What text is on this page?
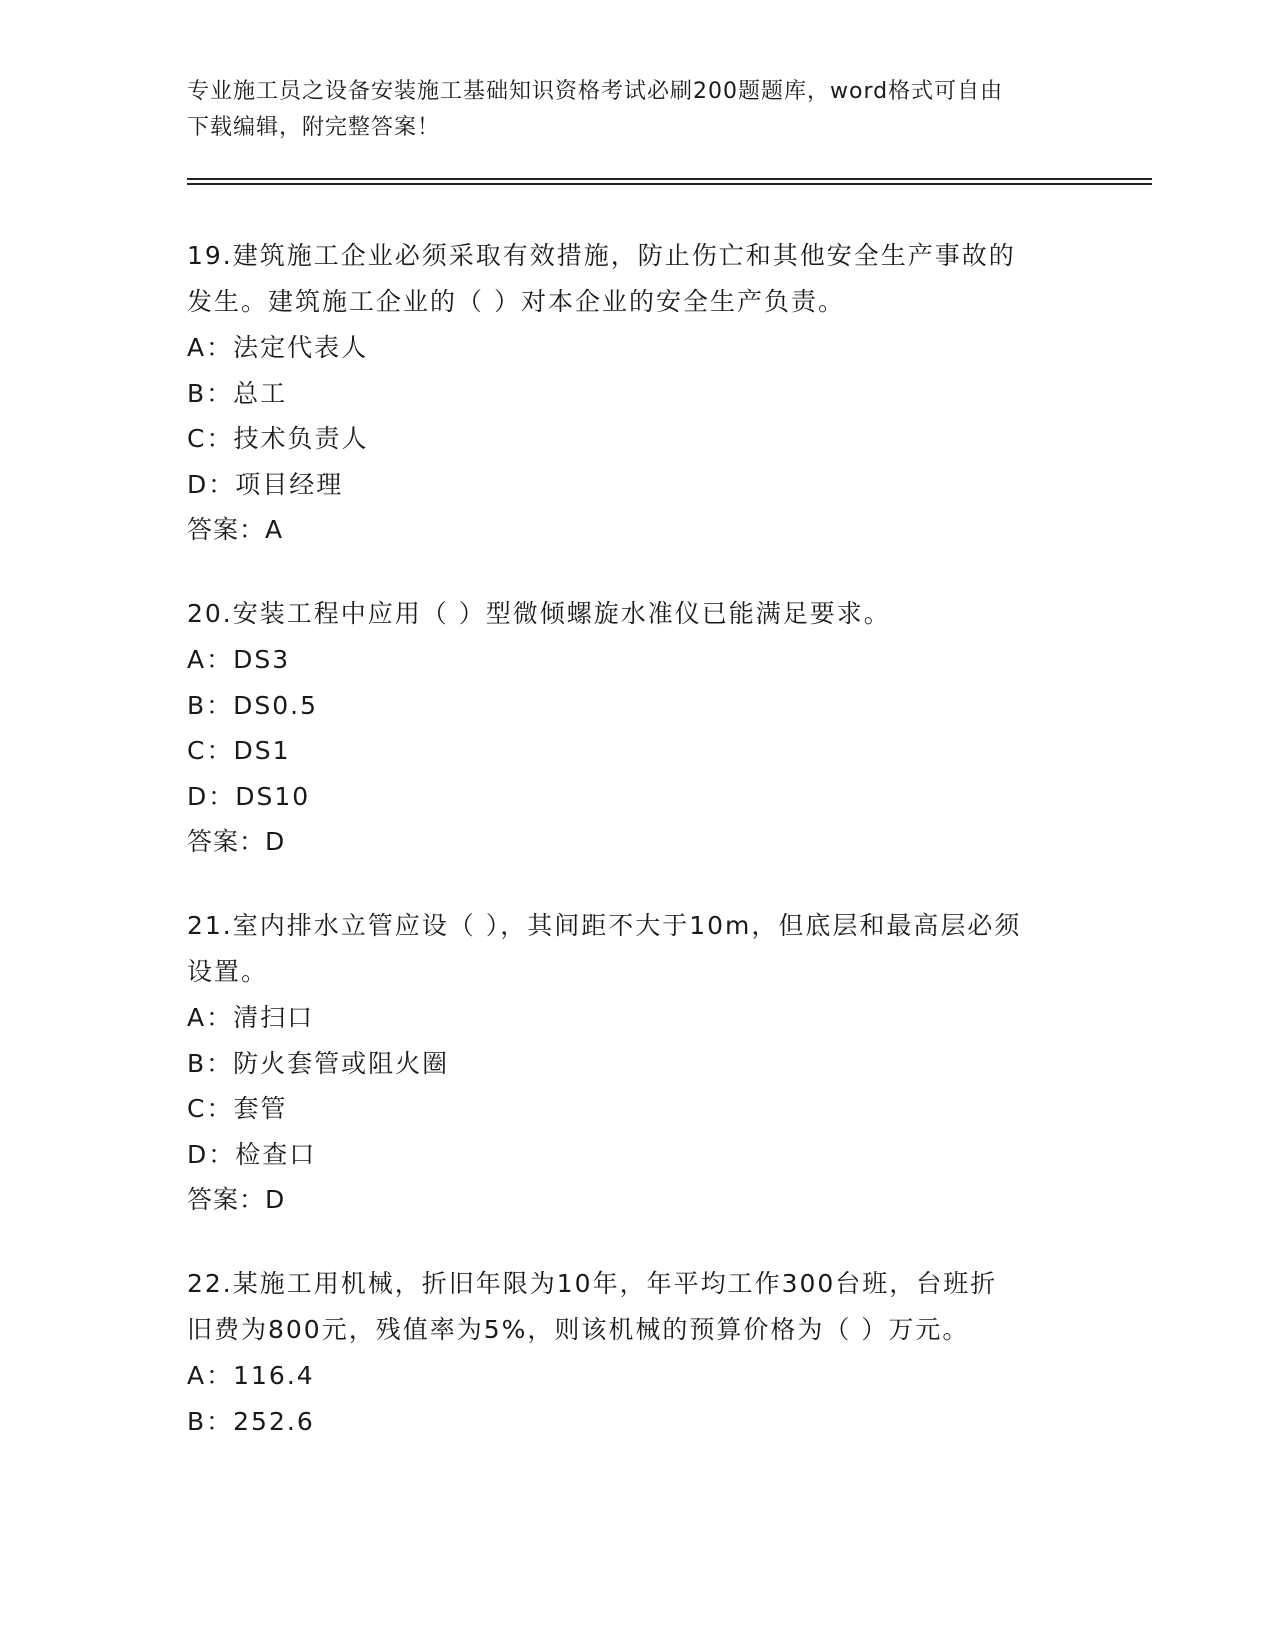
专业施工员之设备安装施工基础知识资格考试必刷200题题库，word格式可自由
下载编辑，附完整答案！
19.建筑施工企业必须采取有效措施，防止伤亡和其他安全生产事故的
发生。建筑施工企业的（ ）对本企业的安全生产负责。
A：法定代表人
B：总工
C：技术负责人
D：项目经理
答案：A
20.安装工程中应用（ ）型微倾螺旋水准仪已能满足要求。
A：DS3
B：DS0.5
C：DS1
D：DS10
答案：D
21.室内排水立管应设（ ），其间距不大于10m，但底层和最高层必须
设置。
A：清扫口
B：防火套管或阻火圈
C：套管
D：检查口
答案：D
22.某施工用机械，折旧年限为10年，年平均工作300台班，台班折
旧费为800元，残值率为5%，则该机械的预算价格为（ ）万元。
A：116.4
B：252.6
